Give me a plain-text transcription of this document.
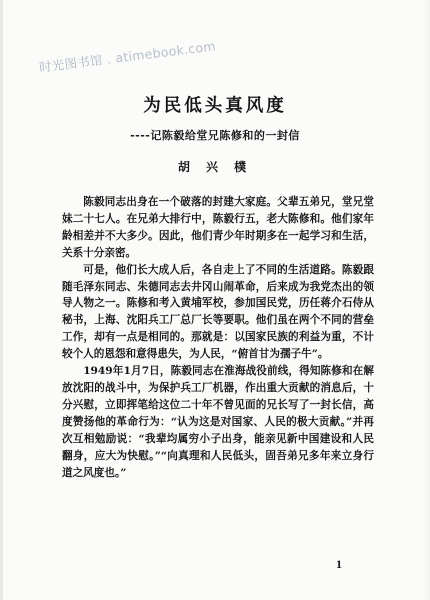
时光图书馆 . atimebook.com
为民低头真风度
----记陈毅给堂兄陈修和的一封信
胡 兴 樸

陈毅同志出身在一个破落的封建大家庭。父辈五弟兄，堂兄堂妹二十七人。在兄弟大排行中，陈毅行五，老大陈修和。他们家年龄相差并不大多少。因此，他们青少年时期多在一起学习和生活，关系十分亲密。

可是，他们长大成人后，各自走上了不同的生活道路。陈毅跟随毛泽东同志、朱德同志去井冈山闹革命，后来成为我党杰出的领导人物之一。陈修和考入黄埔军校，参加国民党，历任蒋介石侍从秘书，上海、沈阳兵工厂总厂长等要职。他们虽在两个不同的营垒工作，却有一点是相同的。那就是：以国家民族的利益为重，不计较个人的恩怨和意得患失，为人民，“俯首甘为孺子牛”。

1949年1月7日，陈毅同志在淮海战役前线，得知陈修和在解放沈阳的战斗中，为保护兵工厂机器，作出重大贡献的消息后，十分兴慰，立即挥笔给这位二十年不曾见面的兄长写了一封长信，高度赞扬他的革命行为：“认为这是对国家、人民的极大贡献。”并再次互相勉励说：“我辈均属穷小子出身，能亲见新中国建设和人民翻身，应大为快慰。”“向真理和人民低头，固吾弟兄多年来立身行道之风度也。”

1
